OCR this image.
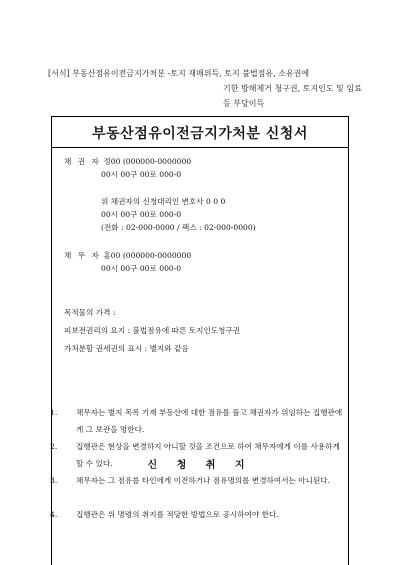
[서식] 부동산점유이전금지가처분 - 토지 재매위득, 토지 불법점유, 소유권에
기한 방해제거 청구권, 토지인도 및 임료
등 부당이득
부동산점유이전금지가처분 신청서
채 권 자 정00 (000000-0000000
00시 00구 00로 000-0
위 채권자의 신청대리인 변호사 0 0 0
00시 00구 00로 000-0
(전화 : 02-000-0000 / 팩스 : 02-000-0000)
채 무 자 홍00 (000000-0000000
00시 00구 00로 000-0
목적물의 가격 :
피보전권리의 요지 : 불법점유에 따른 토지인도청구권
가처분할 권세권의 표시 : 별지와 같음
신 청 취 지
1. 채무자는 별지 목록 기재 부동산에 대한 점유를 풀고 채권자가 위임하는 집행관에게 그 보관을 명한다.
2. 집행관은 현상을 변경하지 아니할 것을 조건으로 하여 채무자에게 이를 사용하게 할 수 있다.
3. 채무자는 그 점유를 타인에게 이전하거나 점유명의를 변경하여서는 아니된다.
4. 집행관은 위 명령의 취지를 적당한 방법으로 공시하여야 한다.
